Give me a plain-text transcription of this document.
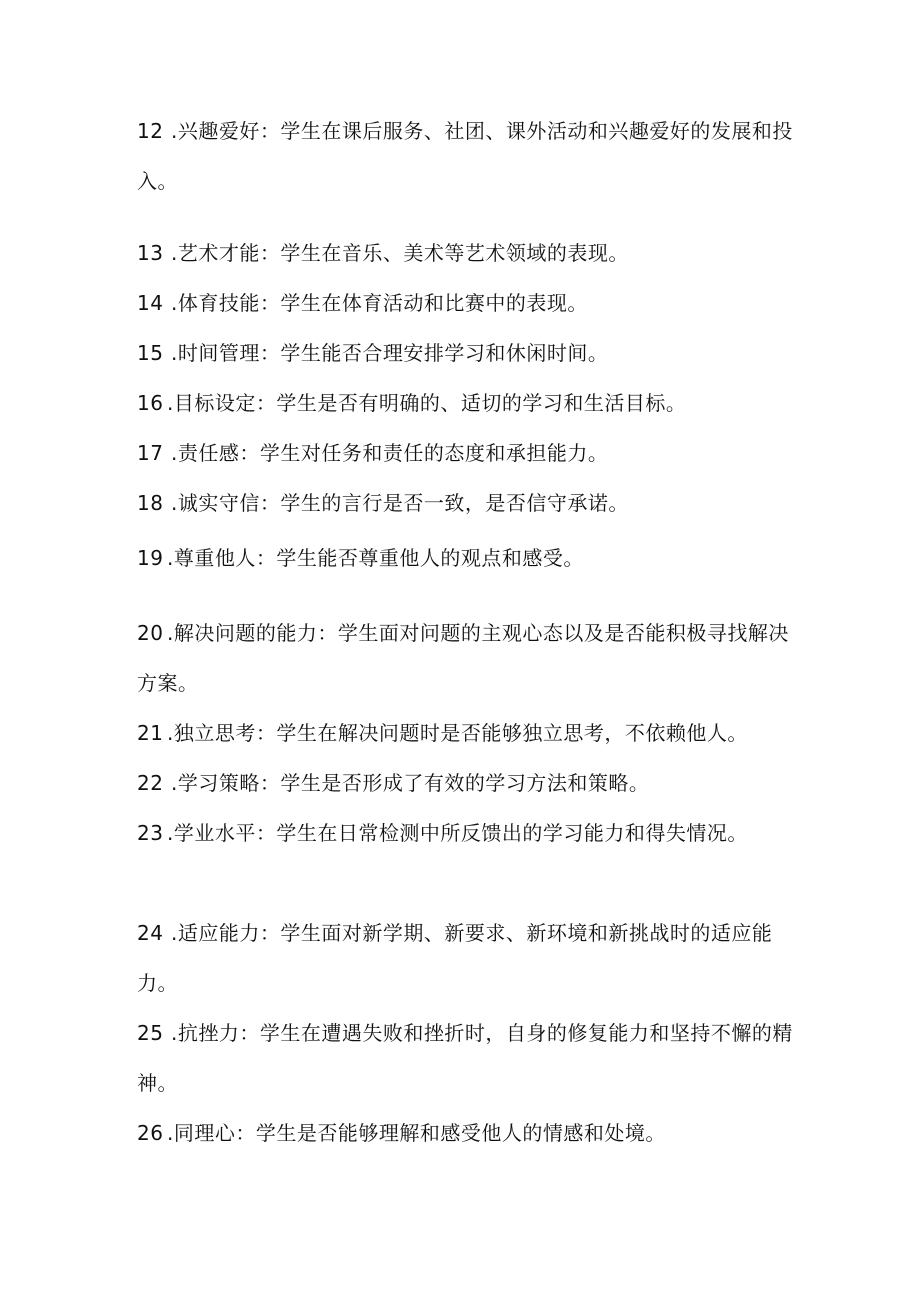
12 .兴趣爱好：学生在课后服务、社团、课外活动和兴趣爱好的发展和投入。
13 .艺术才能：学生在音乐、美术等艺术领域的表现。
14 .体育技能：学生在体育活动和比赛中的表现。
15 .时间管理：学生能否合理安排学习和休闲时间。
16 .目标设定：学生是否有明确的、适切的学习和生活目标。
17 .责任感：学生对任务和责任的态度和承担能力。
18 .诚实守信：学生的言行是否一致，是否信守承诺。
19 .尊重他人：学生能否尊重他人的观点和感受。
20 .解决问题的能力：学生面对问题的主观心态以及是否能积极寻找解决方案。
21 .独立思考：学生在解决问题时是否能够独立思考，不依赖他人。
22 .学习策略：学生是否形成了有效的学习方法和策略。
23 .学业水平：学生在日常检测中所反馈出的学习能力和得失情况。
24 .适应能力：学生面对新学期、新要求、新环境和新挑战时的适应能力。
25 .抗挫力：学生在遭遇失败和挫折时，自身的修复能力和坚持不懈的精神。
26 .同理心：学生是否能够理解和感受他人的情感和处境。
